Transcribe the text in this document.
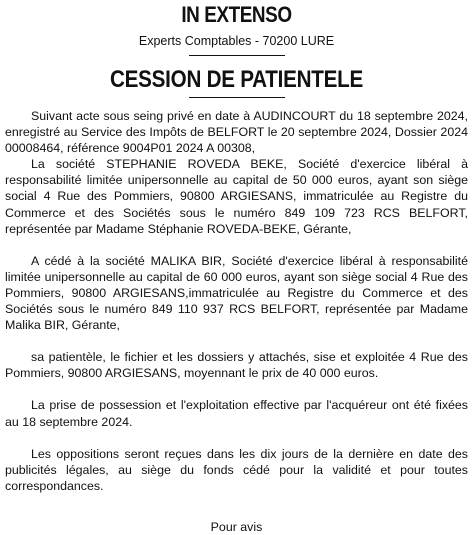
IN EXTENSO
Experts Comptables - 70200 LURE
CESSION DE PATIENTELE

Suivant acte sous seing privé en date à AUDINCOURT du 18 septembre 2024, enregistré au Service des Impôts de BELFORT le 20 septembre 2024, Dossier 2024 00008464, référence 9004P01 2024 A 00308,

La société STEPHANIE ROVEDA BEKE, Société d'exercice libéral à responsabilité limitée unipersonnelle au capital de 50 000 euros, ayant son siège social 4 Rue des Pommiers, 90800 ARGIESANS, immatriculée au Registre du Commerce et des Sociétés sous le numéro 849 109 723 RCS BELFORT, représentée par Madame Stéphanie ROVEDA-BEKE, Gérante,

A cédé à la société MALIKA BIR, Société d'exercice libéral à responsabilité limitée unipersonnelle au capital de 60 000 euros, ayant son siège social 4 Rue des Pommiers, 90800 ARGIESANS,immatriculée au Registre du Commerce et des Sociétés sous le numéro 849 110 937 RCS BELFORT, représentée par Madame Malika BIR, Gérante,

sa patientèle, le fichier et les dossiers y attachés, sise et exploitée 4 Rue des Pommiers, 90800 ARGIESANS, moyennant le prix de 40 000 euros.

La prise de possession et l'exploitation effective par l'acquéreur ont été fixées au 18 septembre 2024.

Les oppositions seront reçues dans les dix jours de la dernière en date des publicités légales, au siège du fonds cédé pour la validité et pour toutes correspondances.

Pour avis
